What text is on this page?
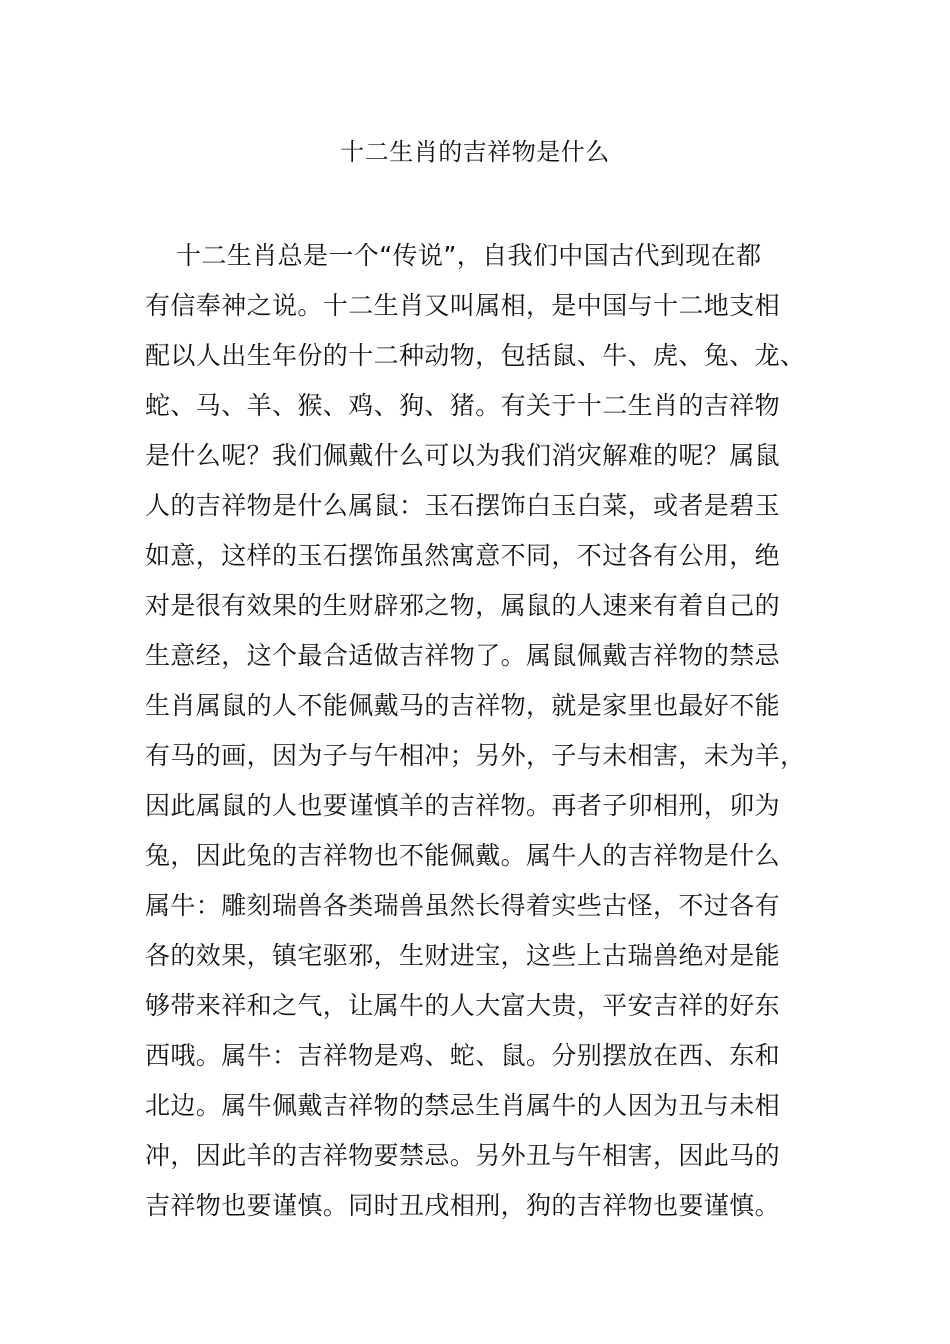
十二生肖的吉祥物是什么
十二生肖总是一个“传说”，自我们中国古代到现在都
有信奉神之说。十二生肖又叫属相，是中国与十二地支相
配以人出生年份的十二种动物，包括鼠、牛、虎、兔、龙、
蛇、马、羊、猴、鸡、狗、猪。有关于十二生肖的吉祥物
是什么呢？我们佩戴什么可以为我们消灾解难的呢？属鼠
人的吉祥物是什么属鼠：玉石摆饰白玉白菜，或者是碧玉
如意，这样的玉石摆饰虽然寓意不同，不过各有公用，绝
对是很有效果的生财辟邪之物，属鼠的人速来有着自己的
生意经，这个最合适做吉祥物了。属鼠佩戴吉祥物的禁忌
生肖属鼠的人不能佩戴马的吉祥物，就是家里也最好不能
有马的画，因为子与午相冲；另外，子与未相害，未为羊，
因此属鼠的人也要谨慎羊的吉祥物。再者子卯相刑，卯为
兔，因此兔的吉祥物也不能佩戴。属牛人的吉祥物是什么
属牛：雕刻瑞兽各类瑞兽虽然长得着实些古怪，不过各有
各的效果，镇宅驱邪，生财进宝，这些上古瑞兽绝对是能
够带来祥和之气，让属牛的人大富大贵，平安吉祥的好东
西哦。属牛：吉祥物是鸡、蛇、鼠。分别摆放在西、东和
北边。属牛佩戴吉祥物的禁忌生肖属牛的人因为丑与未相
冲，因此羊的吉祥物要禁忌。另外丑与午相害，因此马的
吉祥物也要谨慎。同时丑戌相刑，狗的吉祥物也要谨慎。
